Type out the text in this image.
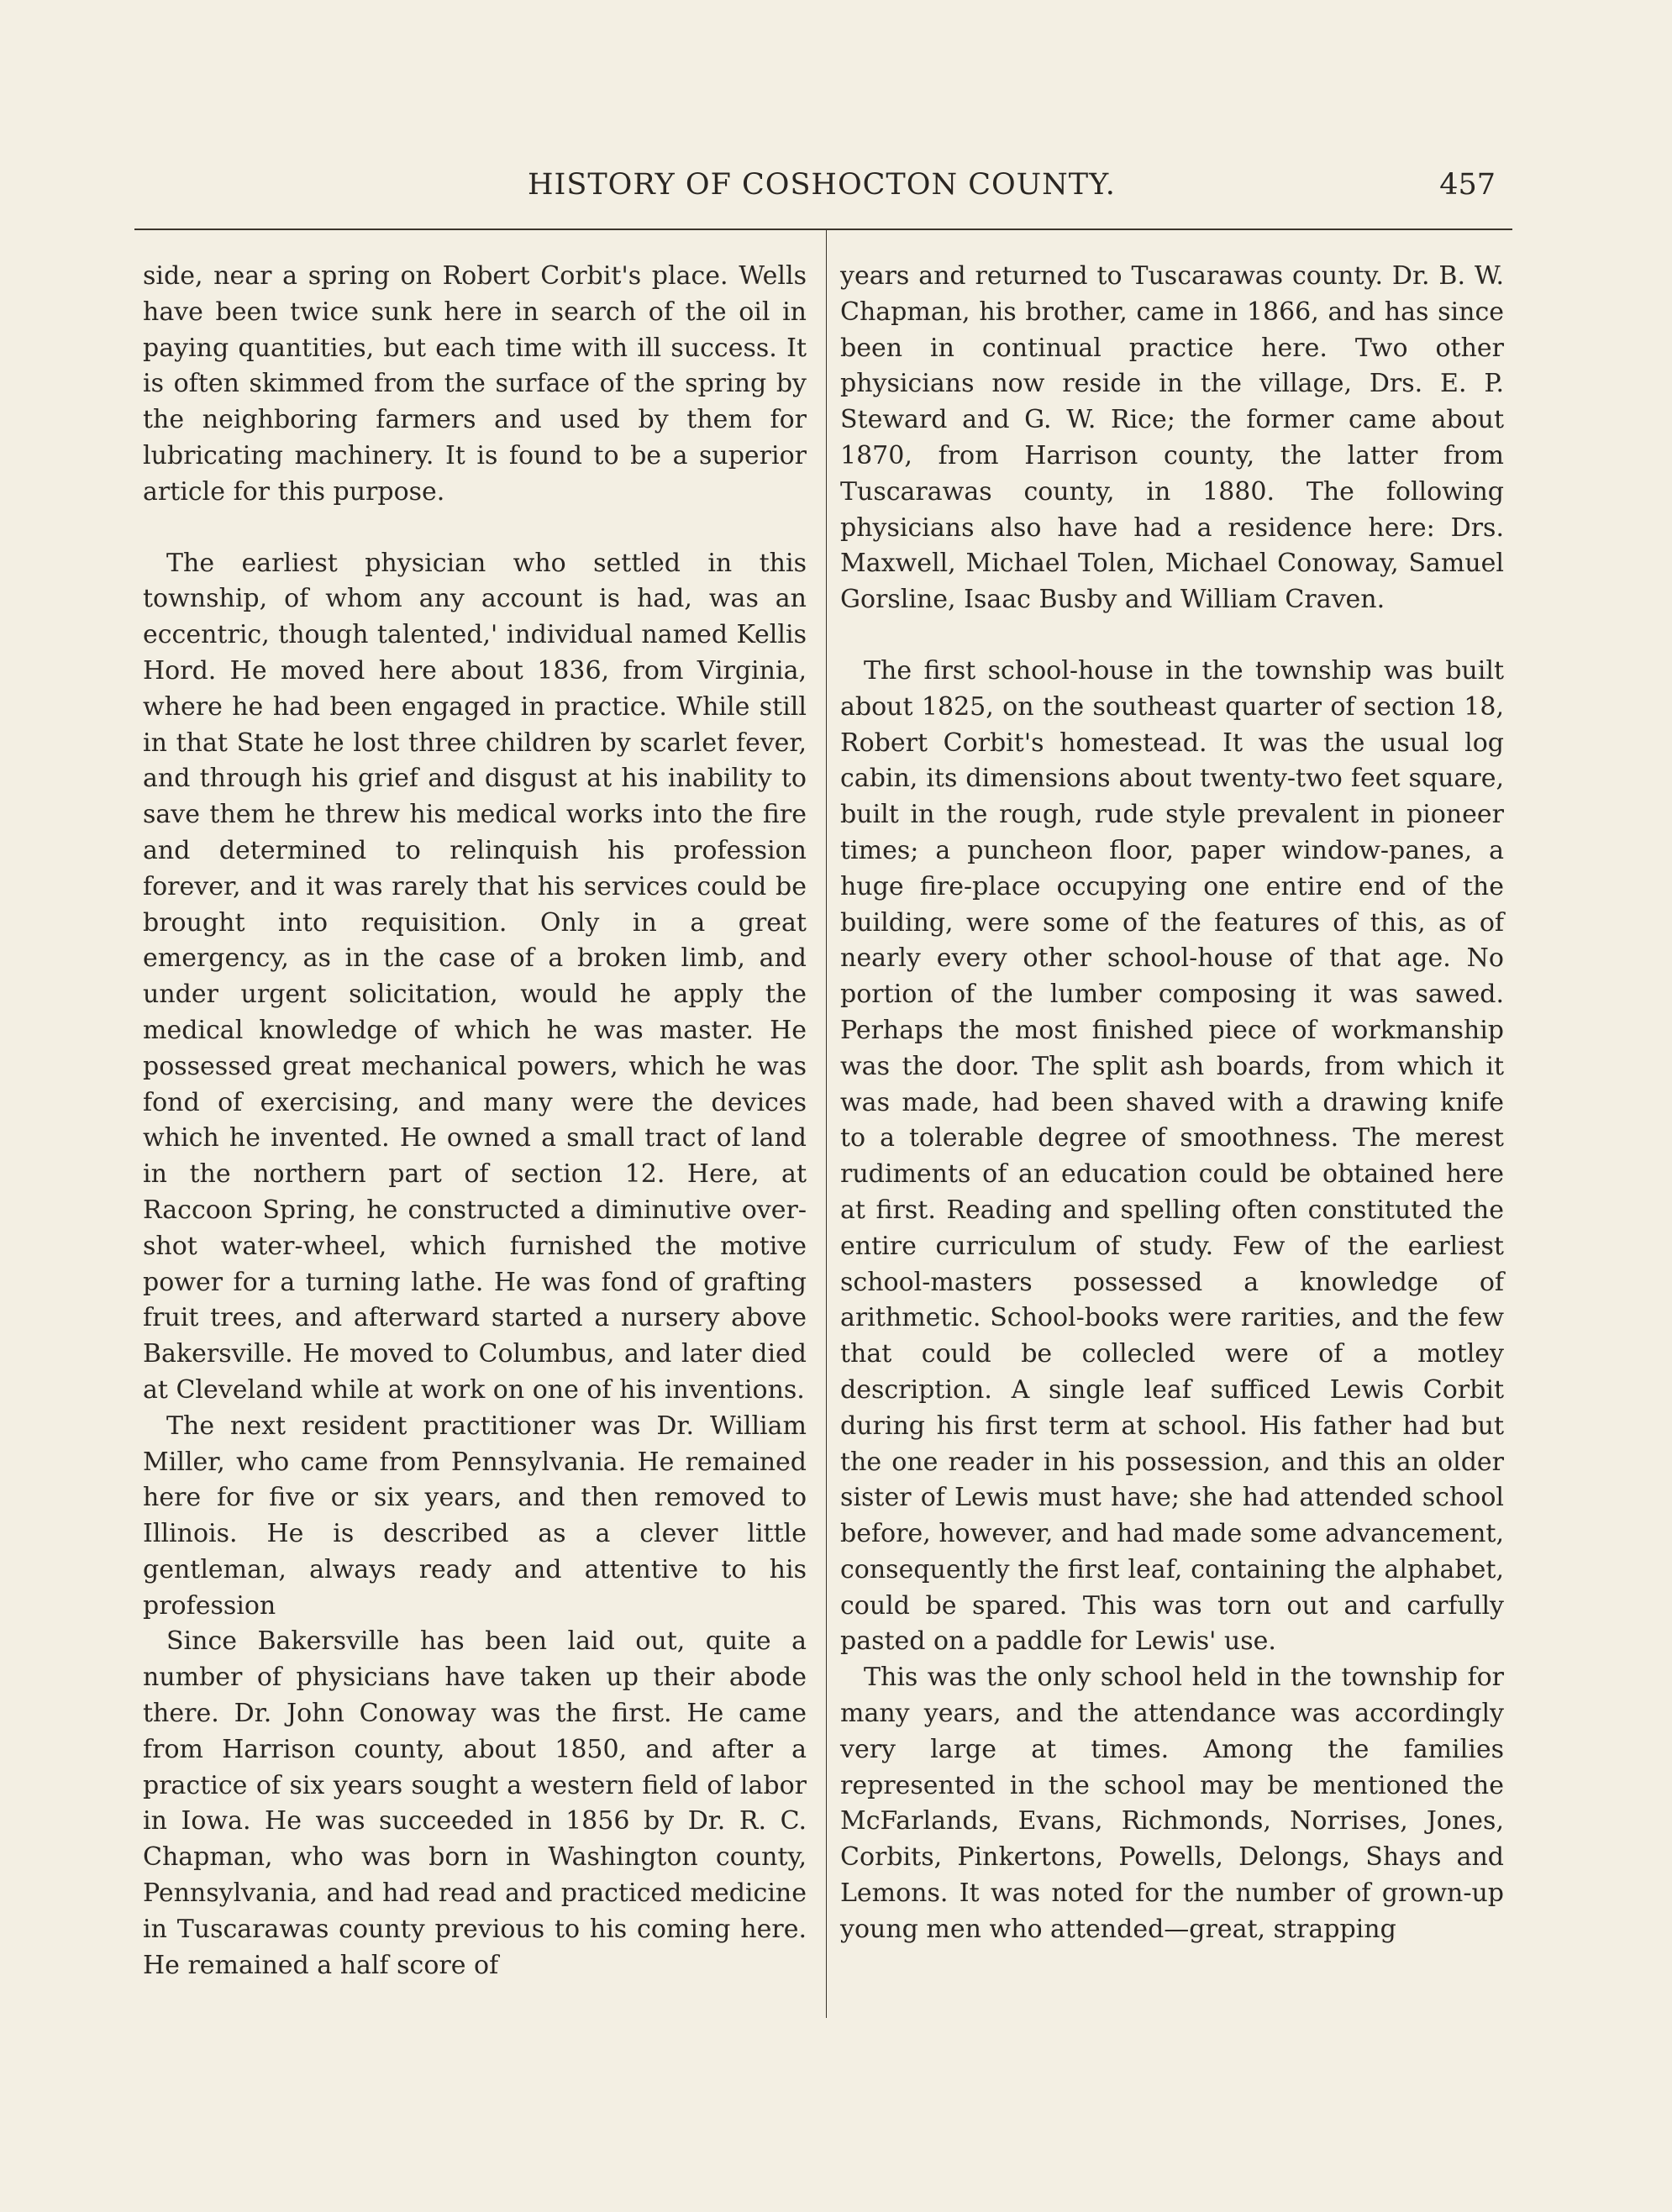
HISTORY OF COSHOCTON COUNTY.	457

side, near a spring on Robert Corbit's place. Wells have been twice sunk here in search of the oil in paying quantities, but each time with ill success. It is often skimmed from the surface of the spring by the neighboring farmers and used by them for lubricating machinery. It is found to be a superior article for this purpose.

The earliest physician who settled in this township, of whom any account is had, was an eccentric, though talented,' individual named Kellis Hord. He moved here about 1836, from Virginia, where he had been engaged in practice. While still in that State he lost three children by scarlet fever, and through his grief and disgust at his inability to save them he threw his medical works into the fire and determined to relinquish his profession forever, and it was rarely that his services could be brought into requisition. Only in a great emergency, as in the case of a broken limb, and under urgent solicitation, would he apply the medical knowledge of which he was master. He possessed great mechanical powers, which he was fond of exercising, and many were the devices which he invented. He owned a small tract of land in the northern part of section 12. Here, at Raccoon Spring, he constructed a diminutive over-shot water-wheel, which furnished the motive power for a turning lathe. He was fond of grafting fruit trees, and afterward started a nursery above Bakersville. He moved to Columbus, and later died at Cleveland while at work on one of his inventions.

The next resident practitioner was Dr. William Miller, who came from Pennsylvania. He remained here for five or six years, and then removed to Illinois. He is described as a clever little gentleman, always ready and attentive to his profession

Since Bakersville has been laid out, quite a number of physicians have taken up their abode there. Dr. John Conoway was the first. He came from Harrison county, about 1850, and after a practice of six years sought a western field of labor in Iowa. He was succeeded in 1856 by Dr. R. C. Chapman, who was born in Washington county, Pennsylvania, and had read and practiced medicine in Tuscarawas county previous to his coming here. He remained a half score of

years and returned to Tuscarawas county. Dr. B. W. Chapman, his brother, came in 1866, and has since been in continual practice here. Two other physicians now reside in the village, Drs. E. P. Steward and G. W. Rice; the former came about 1870, from Harrison county, the latter from Tuscarawas county, in 1880. The following physicians also have had a residence here: Drs. Maxwell, Michael Tolen, Michael Conoway, Samuel Gorsline, Isaac Busby and William Craven.

The first school-house in the township was built about 1825, on the southeast quarter of section 18, Robert Corbit's homestead. It was the usual log cabin, its dimensions about twenty-two feet square, built in the rough, rude style prevalent in pioneer times; a puncheon floor, paper window-panes, a huge fire-place occupying one entire end of the building, were some of the features of this, as of nearly every other school-house of that age. No portion of the lumber composing it was sawed. Perhaps the most finished piece of workmanship was the door. The split ash boards, from which it was made, had been shaved with a drawing knife to a tolerable degree of smoothness. The merest rudiments of an education could be obtained here at first. Reading and spelling often constituted the entire curriculum of study. Few of the earliest school-masters possessed a knowledge of arithmetic. School-books were rarities, and the few that could be collecled were of a motley description. A single leaf sufficed Lewis Corbit during his first term at school. His father had but the one reader in his possession, and this an older sister of Lewis must have; she had attended school before, however, and had made some advancement, consequently the first leaf, containing the alphabet, could be spared. This was torn out and carfully pasted on a paddle for Lewis' use.

This was the only school held in the township for many years, and the attendance was accordingly very large at times. Among the families represented in the school may be mentioned the McFarlands, Evans, Richmonds, Norrises, Jones, Corbits, Pinkertons, Powells, Delongs, Shays and Lemons. It was noted for the number of grown-up young men who attended—great, strapping
